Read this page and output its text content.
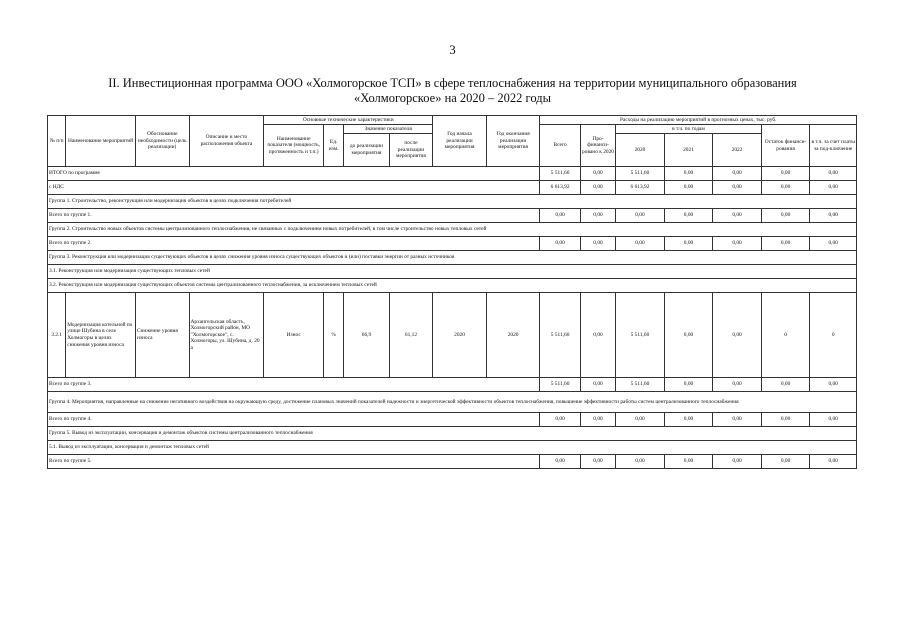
3
II. Инвестиционная программа ООО «Холмогорское ТСП» в сфере теплоснабжения на территории муниципального образования
«Холмогорское» на 2020 – 2022 годы
№ п/п	Наименование мероприятий	Обоснование необходимости (цель реализации)	Описание и место расположения объекта	Основные технические характеристики				Год начала реализации мероприятия	Год окончания реализации мероприятия	Расходы на реализацию мероприятий в прогнозных ценах, тыс. руб.						
				Наименование показателя (мощность, протяженность и т.п.)	Ед. изм.	Значение показателя				Всего	Про-финанси-ровано к 2020	в т.ч. по годам			Остаток финанси-рования	в т.ч. за счет платы за под-ключение
						до реализации мероприятия	после реализации мероприятия					2020	2021	2022		
ИТОГО по программе										5 511,60	0,00	5 511,60	0,00	0,00	0,00	0,00
с НДС										6 613,92	0,00	6 613,92	0,00	0,00	0,00	0,00
Группа 1. Строительство, реконструкция или модернизация объектов в целях подключения потребителей																
Всего по группе 1.										0,00	0,00	0,00	0,00	0,00	0,00	0,00
Группа 2. Строительство новых объектов системы централизованного теплоснабжения, не связанных с подключением новых потребителей, в том числе строительство новых тепловых сетей																
Всего по группе 2.										0,00	0,00	0,00	0,00	0,00	0,00	0,00
Группа 3. Реконструкция или модернизация существующих объектов в целях снижения уровня износа существующих объектов и (или) поставки энергии от разных источников																
3.1. Реконструкция или модернизация существующих тепловых сетей																
3.2. Реконструкция или модернизация существующих объектов системы централизованного теплоснабжения, за исключением тепловых сетей																
3.2.1	Модернизация котельной по улице Шубина в селе Холмогоры в целях снижения уровня износа	Снижение уровня износа	Архангельская область, Холмогорский район, МО "Холмогорское", с. Холмогоры, ул. Шубина, д. 20 а	Износ	%	66,9	61,12	2020	2020	5 511,60	0,00	5 511,60	0,00	0,00	0	0
Всего по группе 3.										5 511,60	0,00	5 511,60	0,00	0,00	0,00	0,00
Группа 4. Мероприятия, направленные на снижение негативного воздействия на окружающую среду, достижение плановых значений показателей надежности и энергетической эффективности объектов теплоснабжения, повышение эффективности работы систем централизованного теплоснабжения																
Всего по группе 4.										0,00	0,00	0,00	0,00	0,00	0,00	0,00
Группа 5. Вывод из эксплуатации, консервация и демонтаж объектов системы централизованного теплоснабжения																
5.1. Вывод из эксплуатации, консервация и демонтаж тепловых сетей																
Всего по группе 5.										0,00	0,00	0,00	0,00	0,00	0,00	0,00
